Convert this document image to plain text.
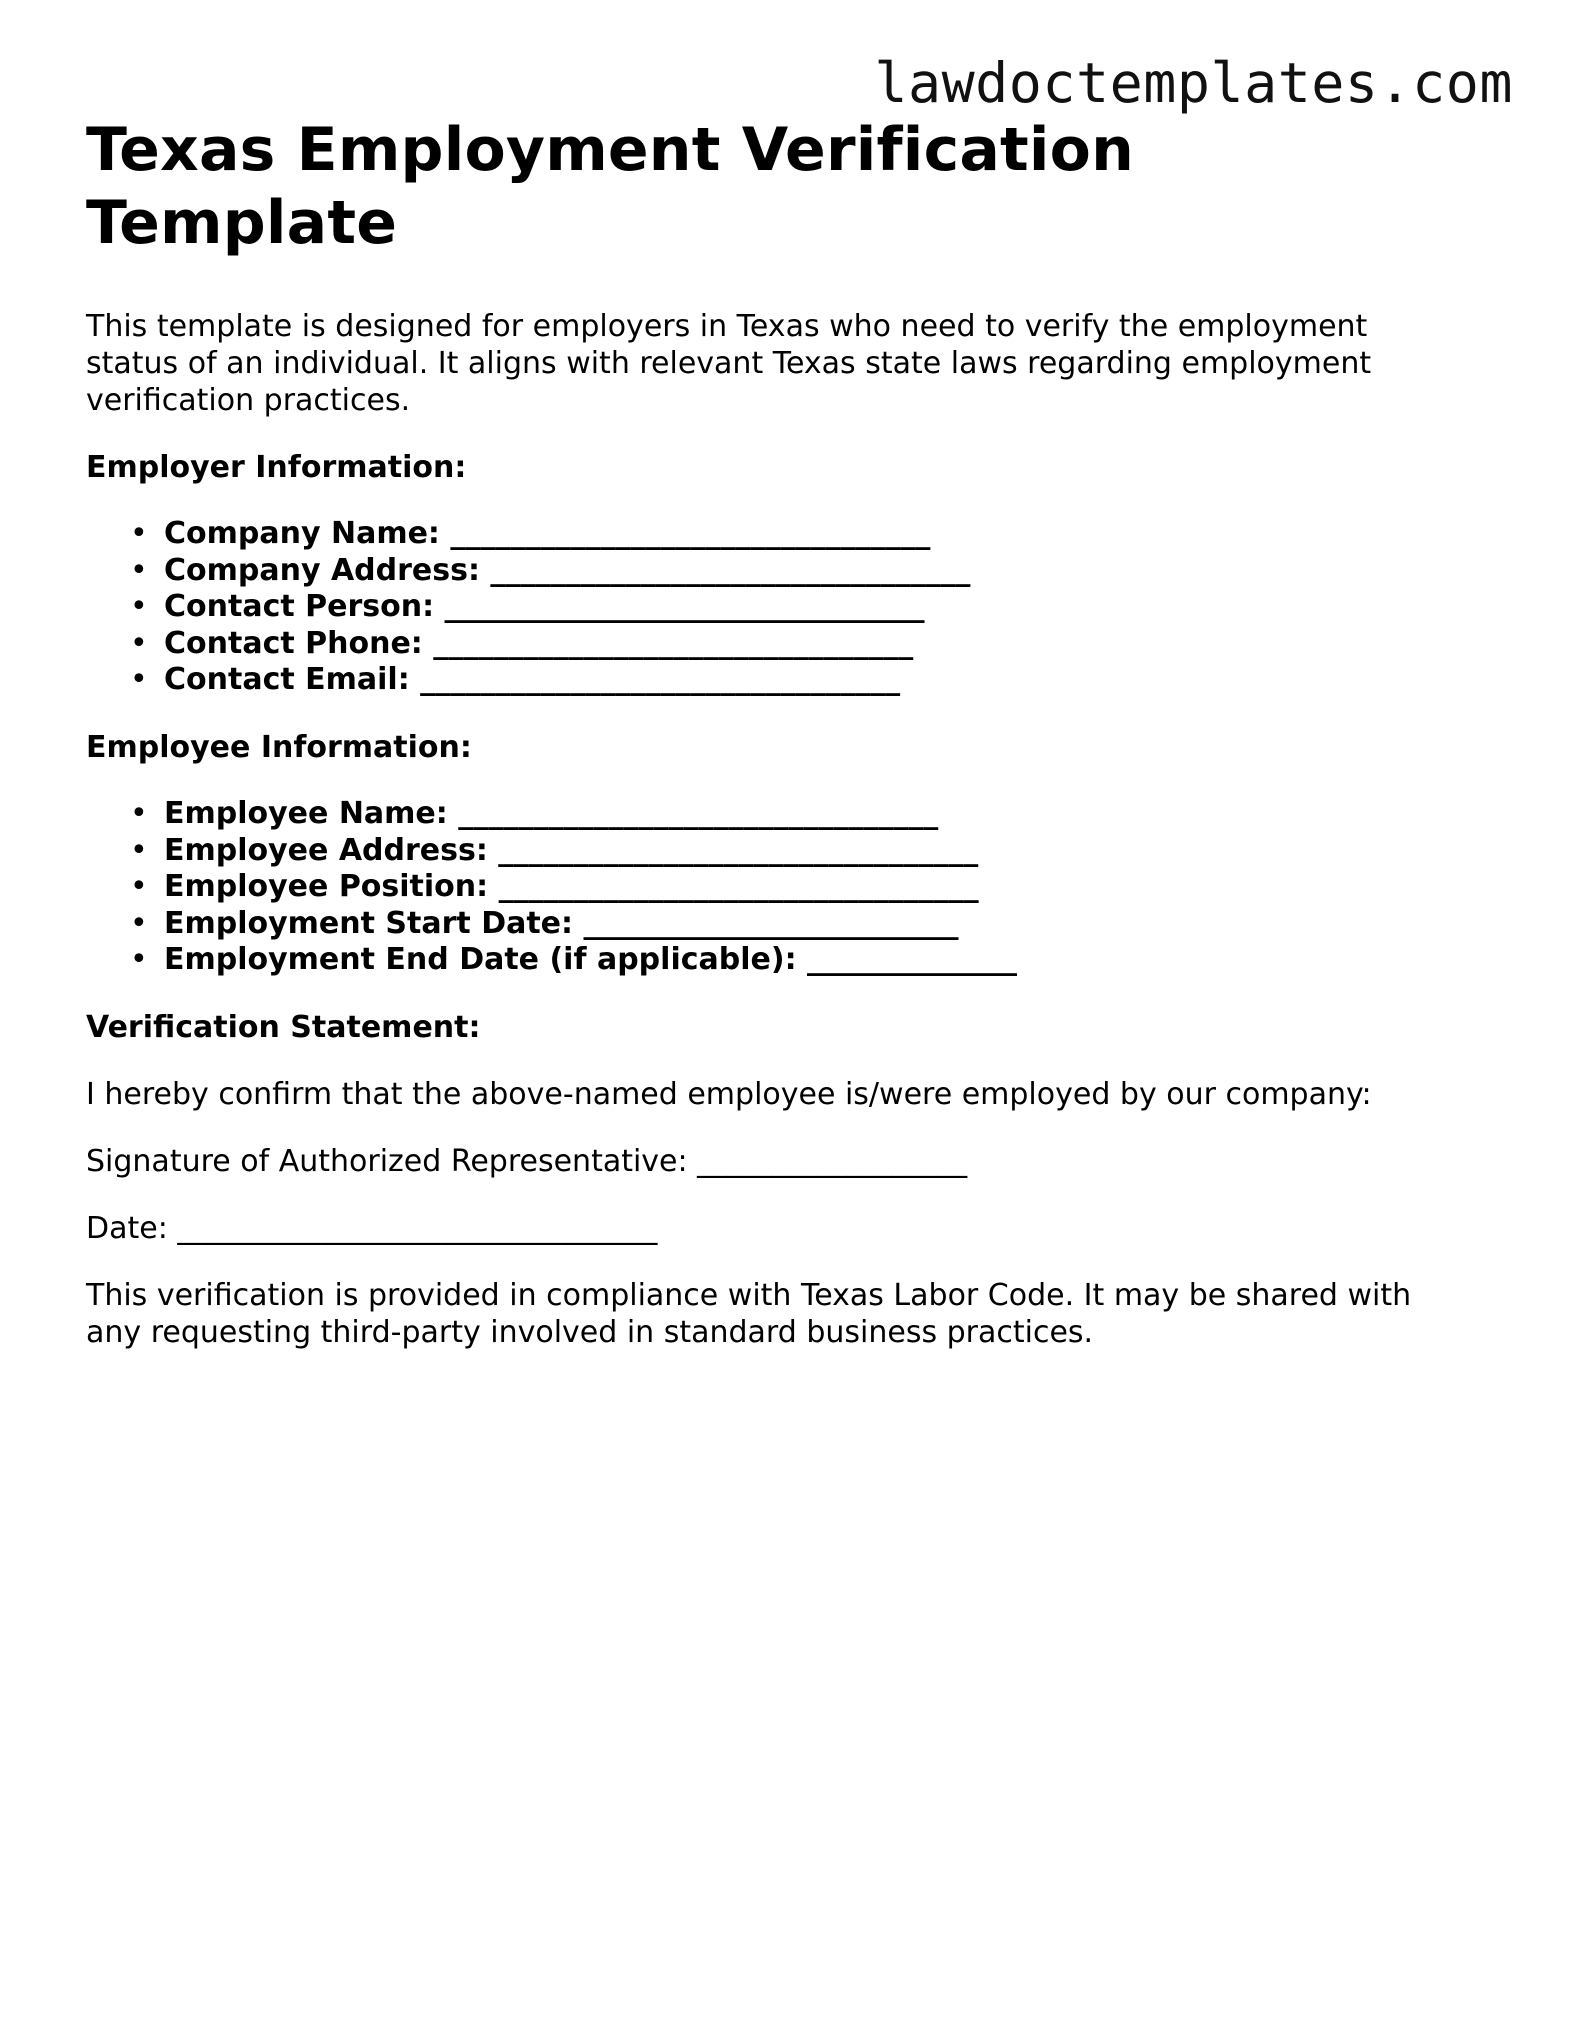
lawdoctemplates.com
Texas Employment Verification
Template

This template is designed for employers in Texas who need to verify the employment status of an individual. It aligns with relevant Texas state laws regarding employment verification practices.

Employer Information:

• Company Name: ________________________________
• Company Address: ________________________________
• Contact Person: ________________________________
• Contact Phone: ________________________________
• Contact Email: ________________________________

Employee Information:

• Employee Name: ________________________________
• Employee Address: ________________________________
• Employee Position: ________________________________
• Employment Start Date: _________________________
• Employment End Date (if applicable): ______________

Verification Statement:

I hereby confirm that the above-named employee is/were employed by our company:

Signature of Authorized Representative: __________________

Date: ________________________________

This verification is provided in compliance with Texas Labor Code. It may be shared with any requesting third-party involved in standard business practices.
